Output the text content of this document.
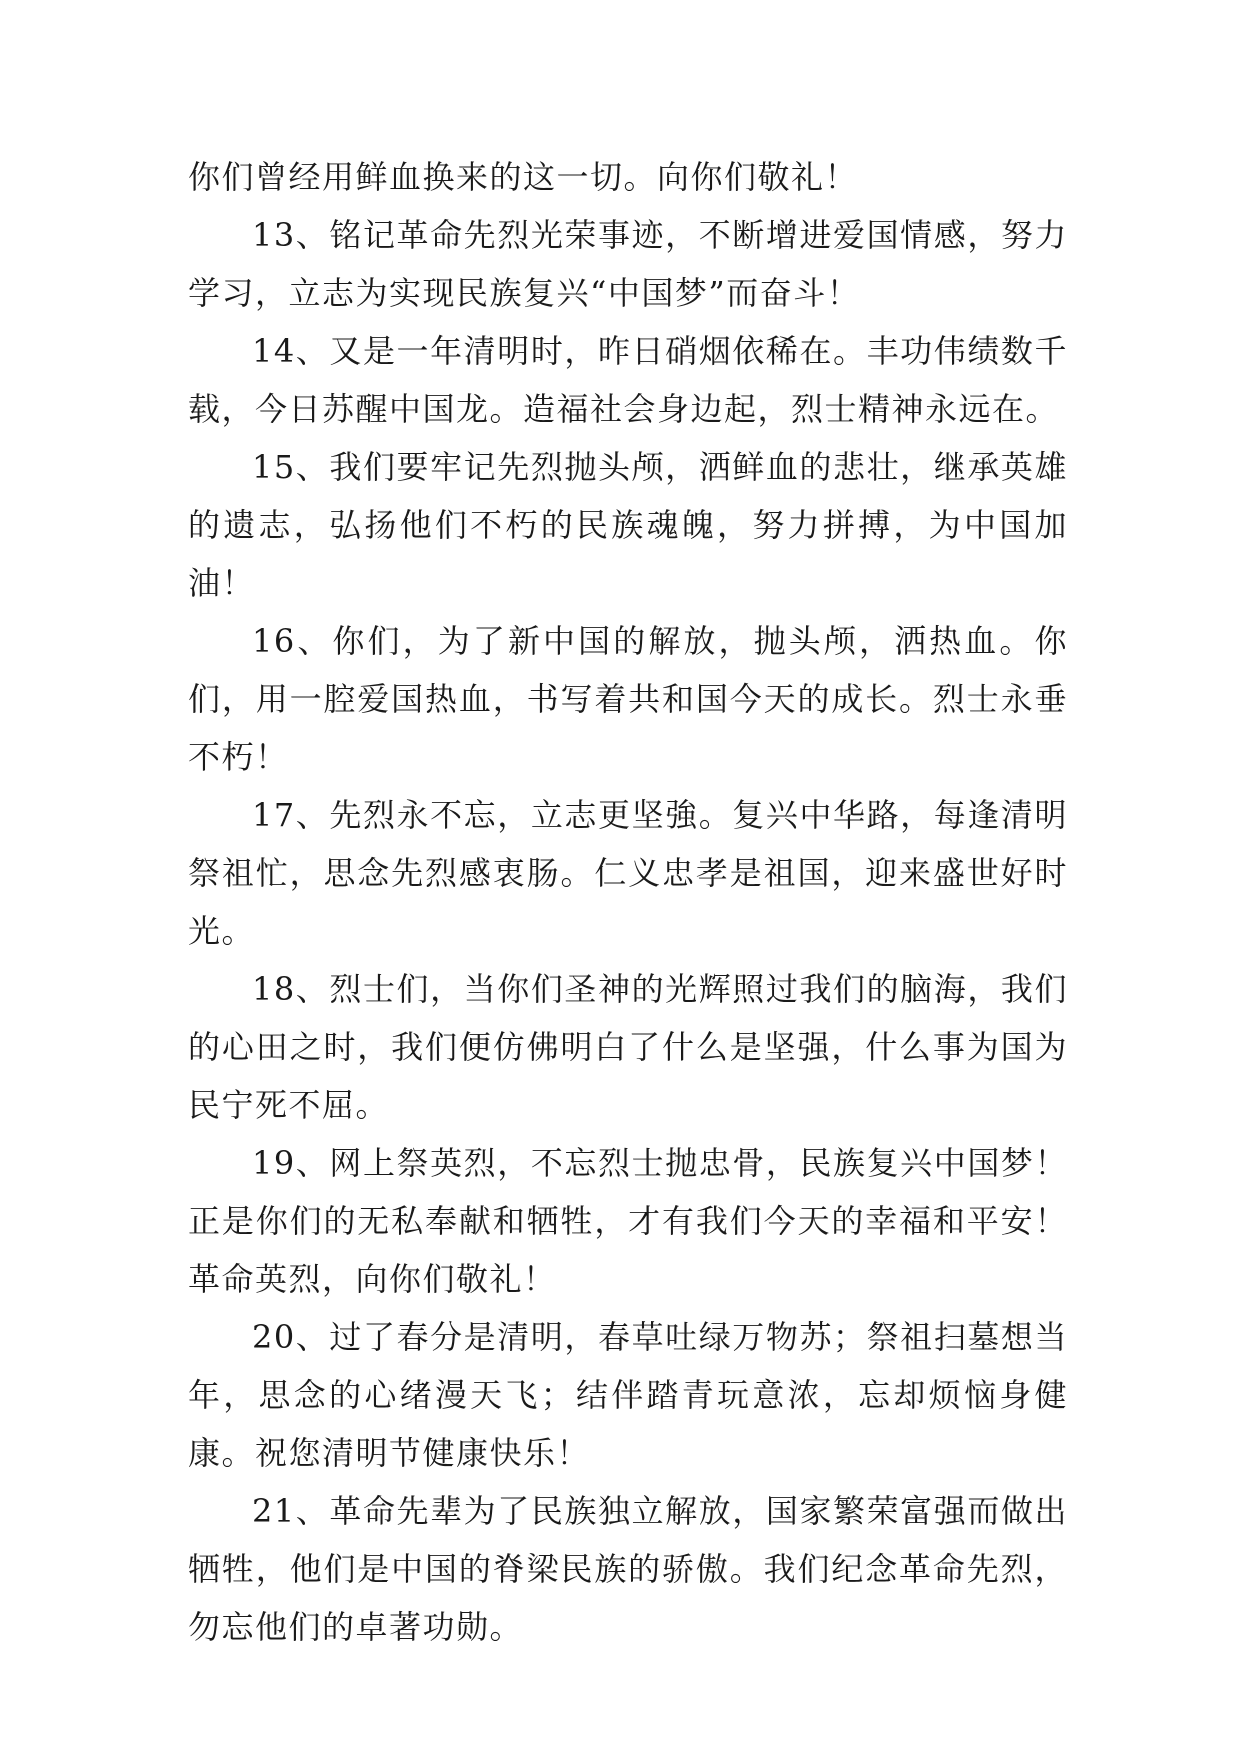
你们曾经用鲜血换来的这一切。向你们敬礼！

13、铭记革命先烈光荣事迹，不断增进爱国情感，努力学习，立志为实现民族复兴“中国梦”而奋斗！

14、又是一年清明时，昨日硝烟依稀在。丰功伟绩数千载，今日苏醒中国龙。造福社会身边起，烈士精神永远在。

15、我们要牢记先烈抛头颅，洒鲜血的悲壮，继承英雄的遗志，弘扬他们不朽的民族魂魄，努力拼搏，为中国加油！

16、你们，为了新中国的解放，抛头颅，洒热血。你们，用一腔爱国热血，书写着共和国今天的成长。烈士永垂不朽！

17、先烈永不忘，立志更坚強。复兴中华路，每逢清明祭祖忙，思念先烈感衷肠。仁义忠孝是祖国，迎来盛世好时光。

18、烈士们，当你们圣神的光辉照过我们的脑海，我们的心田之时，我们便仿佛明白了什么是坚强，什么事为国为民宁死不屈。

19、网上祭英烈，不忘烈士抛忠骨，民族复兴中国梦！正是你们的无私奉献和牺牲，才有我们今天的幸福和平安！革命英烈，向你们敬礼！

20、过了春分是清明，春草吐绿万物苏；祭祖扫墓想当年，思念的心绪漫天飞；结伴踏青玩意浓，忘却烦恼身健康。祝您清明节健康快乐！

21、革命先辈为了民族独立解放，国家繁荣富强而做出牺牲，他们是中国的脊梁民族的骄傲。我们纪念革命先烈，勿忘他们的卓著功勋。
